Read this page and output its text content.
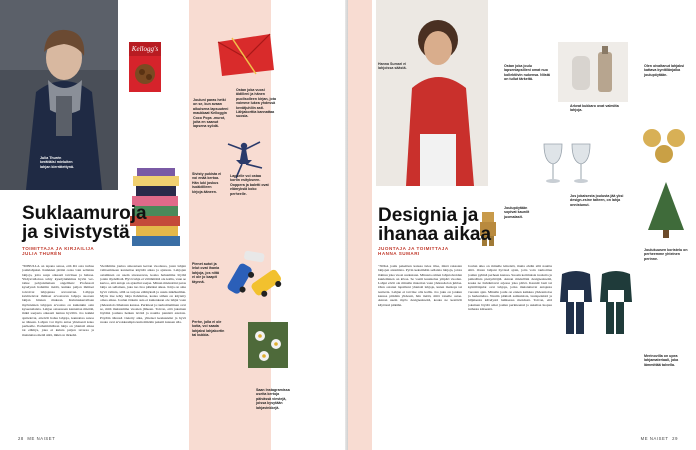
Julia Thurén kerättäisi mieluiten lahjan kierrätettynä.
Kellogg's
Jouluni paras hetki on se, kun avaan aikuisena lapsuuteni maukkaat Kelloggin Coco Pops -murot, joita en saanut lapsena syödä.
Ostan joka vuosi äidilleni ja hänen puolisolleen kirjan, jota voimme lukea yhdessä kevätjuhliin asti. Lähjakorttia kannattaa suosia.
Sivisty pukista ei voi enää kertoa. Hän luki joskus isoäidilleen kirjoja ääneen.
Lapselle voi ostaa kortin esitykseen. Ooppera ja baletti ovat elämyksiä koko perheelle.
Pienet autot ja lelut ovat ihania lahjoja, jos niitä ei ole jo kaapit täynnä.
Perhe, jolla ei ole kotia, voi saada lahjaksi lahjakortin tai kukkia.
Saan Instagramissa useita kertoja päivässä viestejä, joissa kysytään lahjavinkkejä.
Suklaamuroja
ja sivistystä
TOIMITTAJA JA KIRJAILIJA
JULIA THURÉN
”MINULLA on tapana sanoa, että älä osta turhaa joululahjaksi. Kaikkien pitäisi ostaa vain sellaisia lahjoja, joita saaja oikeasti tarvitsee ja haluaa. Yhdysvalloissa tehty kyselytutkimus hyvin vertailee pohjoismaisen ongelman: Professori kyselyssä haluttiin tietää, kuinka paljon ihmiset toivoivat lahjojensa arvostavan. Lähjoja kuvittelevat ihmiset arvostavan lahjoja suoraan lahjan hinnan mukaan. Kulutuskerrallaan myönteinen lahjojen arvostus on kuitenkin osin kyseenalaista. Lahjaa ostaessaan kannattaa miettiä, mikä saajasta oikeasti tuntuu hyvältä. Jos kaikki ajattelevat, etteivät halua lahjoja, kannattaa sanoa se ääneen. Lahjan voi myös antaa yhteisesti koko perheelle. Parhaimmillaan lahja on yhteistä aikaa tai elämys, joka ei kuluta paljon tavaraa ja muistuttaa meitä siitä, mikä on tärkeää.
Viettämme joulua ainoastaan kerran vuodessa, joten lahjan valitsemiseen kannattaa käyttää aikaa ja ajatusta. Lahjojen ostaminen on usein stressaavaa, koska haluamme löytää jotain täydellistä. Hyvä lahja ei välttämättä ole kallis, vaan se kertoo, että antaja on ajatellut saajaa. Minun mielestäni paras lahja on sellainen, joka tuo iloa pitkäksi aikaa. Kirja on aina hyvä valinta, sillä se tarjoaa elämyksiä ja uusia näkökulmia. Myös itse tehty lahja ilahduttaa, koska siihen on käytetty omaa aikaa. Joulun tärkein asia ei kuitenkaan ole lahjat vaan yhdessäolo läheisten kanssa. Perinteet ja rauhoittuminen ovat se, mitä muistamme vuosien jälkeen. Toivon, että jokainen löytäisi jouluna hetken levätä ja nauttia pienistä asioista. Pöydän ääressä vietetty aika, yhteiset keskustelut ja hyvä ruoka ovat arvokkaampia kuin mikään paketti kuusen alla.
28 ME NAISET
Hanna Sumari ei lahjoissa säästä.
Ostan joka joulu lapsenlapsilleni omat nuo kollektiivin nukensa. Niistä on tullut tärkeitä.
Olen oivaltanut lahjaksi kattava kynttilänjalka joulupöytään.
Arkeat kukkaro ovat valmiita lahjoja.
Jos jokaisesta joulusta jää yksi design-esine talteen, on lahja onnistunut.
Joulupöytään sopivat kauniit juomalasit.
Joulukuusen koristelu on perheemme yhteinen perinne.
Merinovilla on upea lahjamateriaali, joka lämmittää talvella.
Designia ja
ihanaa aikaa
JUONTAJA JA TOIMITTAJA
HANNA SUMARI
”JOKA joulu pakettien kanssa tulee tilaa, minä rakastan lahjojen antamista. Pyrin keksimään sellaisia lahjoja, joista ilahtuu joka vuosi uudestaan. Minusta omien lahjatoiveiden kuuleminen on kivaa. Se vaatii kuuntelua ympäri vuoden. Lahjat eivät ole minulle materian vaan yhdessäolon juhlaa. Olen ostanut lapsilleni yhteisiä lahjoja, kuten matkoja tai teatteria. Lahjan ei tarvitse olla kallis. Jos joku on jonkun kanssa pitkään yhdessä, hän tietää, mitä toiselle ostaa. Annan usein myös designesineitä, koska ne kestävät käytössä pitkään.
Joulun aika on minulle kiireistä, mutta ehdin silti nauttia siitä. Ostan lahjani hyvissä ajoin, jotta voin rauhoittua joulun pyhinä perheen kanssa. Suosin kotimaisia tuotteita ja paikallisia pienyrittäjiä. Annan mielelläni designesineitä, koska ne ilahduttavat arjessa joka päivä. Kauniit lasit tai kynttilänjalat ovat lahjoja, jotka muistuttavat antajasta vuosien ajan. Minulle joulu on ennen kaikkea yhdessäoloa ja herkuttelua. Nautin pitkistä aamiaisista, lautapeleistä ja hiljaisesta kävelystä lumisessa metsässä. Toivon, että jokainen löytää omat joulun perinteensä ja uskaltaa luopua turhasta kiireestä.
ME NAISET 29
